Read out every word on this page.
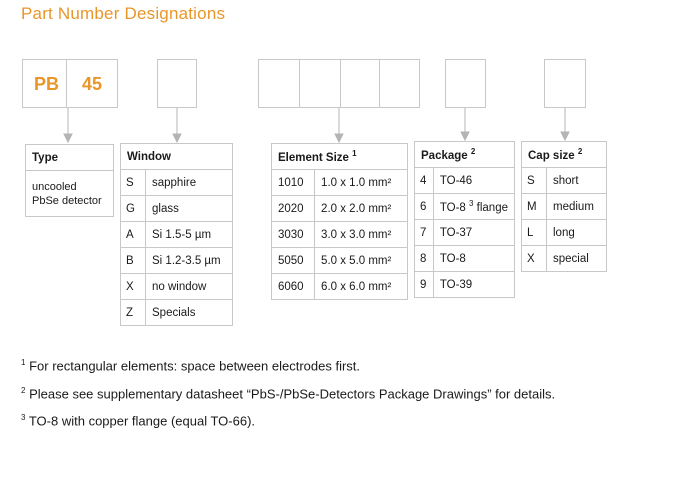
Part Number Designations
PB 45
Type
uncooled
PbSe detector
Window	
S	sapphire
G	glass
A	Si 1.5-5 µm
B	Si 1.2-3.5 µm
X	no window
Z	Specials
Element Size $^1$
1010	1.0 x 1.0 mm²
2020	2.0 x 2.0 mm²
3030	3.0 x 3.0 mm²
5050	5.0 x 5.0 mm²
6060	6.0 x 6.0 mm²
Package $^2$
4	TO-46
6	TO-8 $^3$ flange
7	TO-37
8	TO-8
9	TO-39
Cap size $^2$
S	short
M	medium
L	long
X	special
$^1$ For rectangular elements: space between electrodes first.
$^2$ Please see supplementary datasheet “PbS-/PbSe-Detectors Package Drawings” for details.
$^3$ TO-8 with copper flange (equal TO-66).
